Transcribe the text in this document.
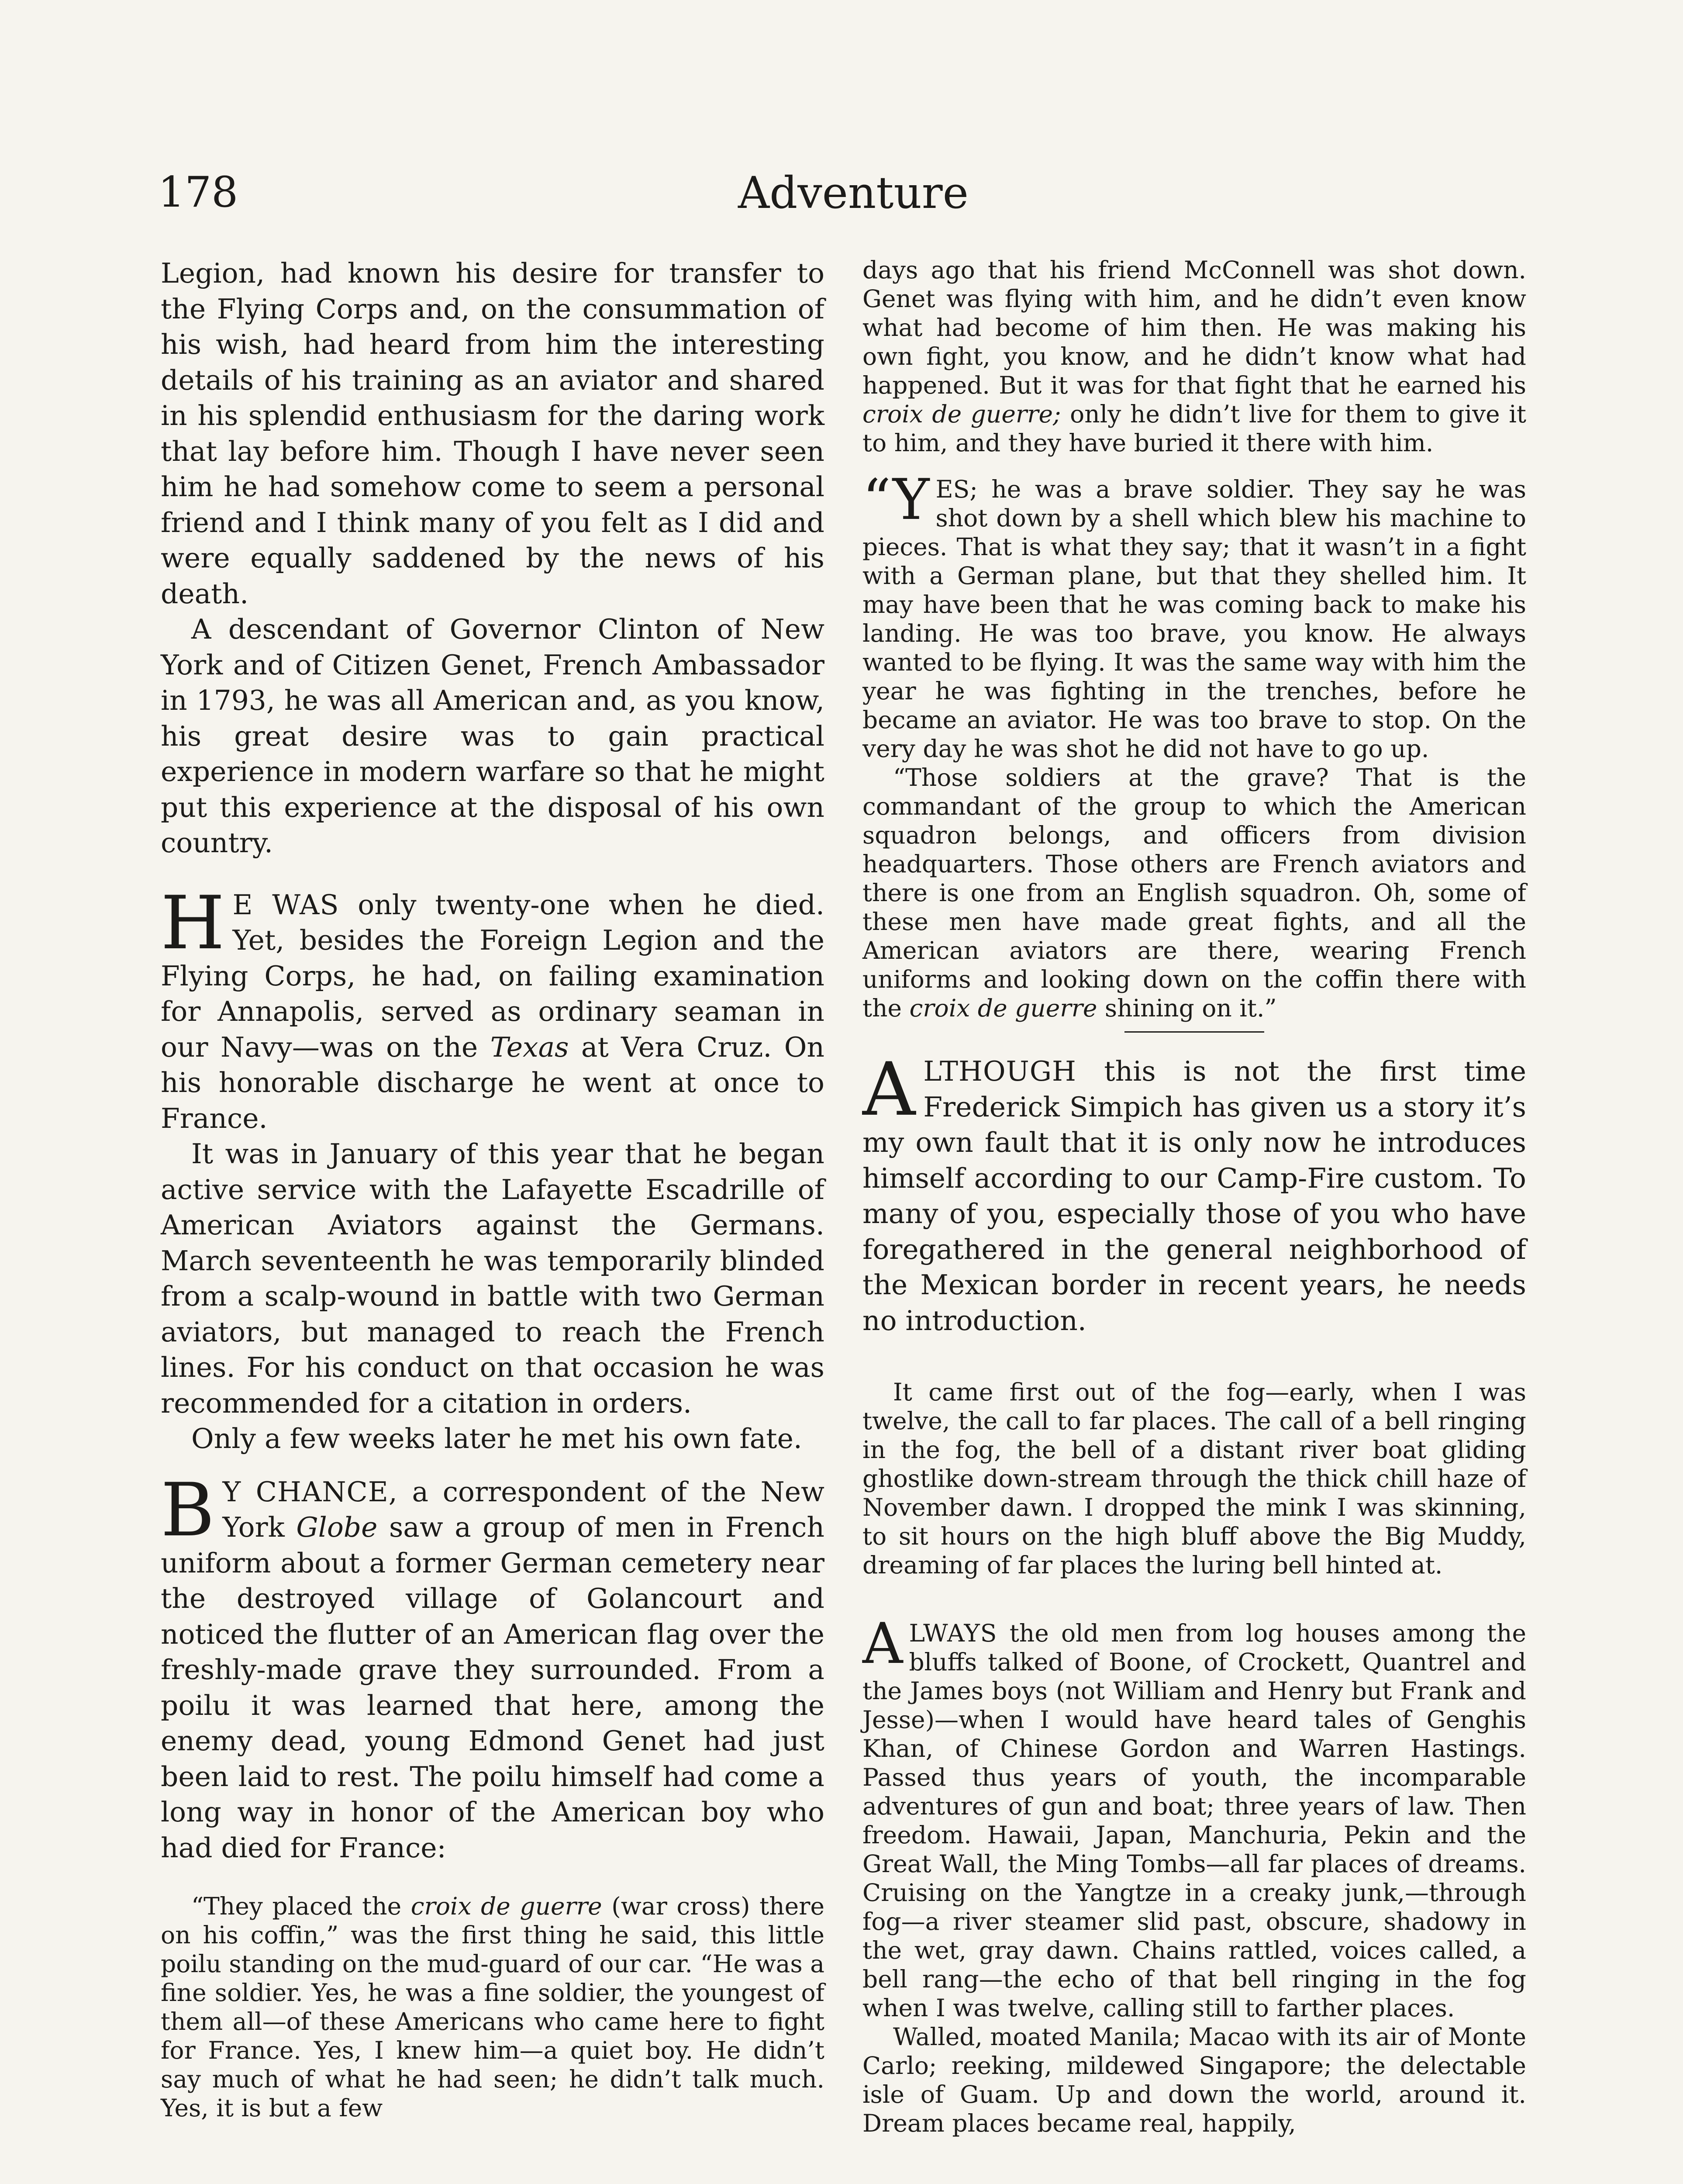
178	Adventure

Legion, had known his desire for transfer to the Flying Corps and, on the consummation of his wish, had heard from him the interesting details of his training as an aviator and shared in his splendid enthusiasm for the daring work that lay before him. Though I have never seen him he had somehow come to seem a personal friend and I think many of you felt as I did and were equally saddened by the news of his death.

A descendant of Governor Clinton of New York and of Citizen Genet, French Ambassador in 1793, he was all American and, as you know, his great desire was to gain practical experience in modern warfare so that he might put this experience at the disposal of his own country.

H E WAS only twenty-one when he died. Yet, besides the Foreign Legion and the Flying Corps, he had, on failing examination for Annapolis, served as ordinary seaman in our Navy—was on the Texas at Vera Cruz. On his honorable discharge he went at once to France.

It was in January of this year that he began active service with the Lafayette Escadrille of American Aviators against the Germans. March seventeenth he was temporarily blinded from a scalp-wound in battle with two German aviators, but managed to reach the French lines. For his conduct on that occasion he was recommended for a citation in orders.

Only a few weeks later he met his own fate.

B Y CHANCE, a correspondent of the New York Globe saw a group of men in French uniform about a former German cemetery near the destroyed village of Golancourt and noticed the flutter of an American flag over the freshly-made grave they surrounded. From a poilu it was learned that here, among the enemy dead, young Edmond Genet had just been laid to rest. The poilu himself had come a long way in honor of the American boy who had died for France:

“They placed the croix de guerre (war cross) there on his coffin,” was the first thing he said, this little poilu standing on the mud-guard of our car. “He was a fine soldier. Yes, he was a fine soldier, the youngest of them all—of these Americans who came here to fight for France. Yes, I knew him—a quiet boy. He didn’t say much of what he had seen; he didn’t talk much. Yes, it is but a few

days ago that his friend McConnell was shot down. Genet was flying with him, and he didn’t even know what had become of him then. He was making his own fight, you know, and he didn’t know what had happened. But it was for that fight that he earned his croix de guerre; only he didn’t live for them to give it to him, and they have buried it there with him.

“YES; he was a brave soldier. They say he was shot down by a shell which blew his machine to pieces. That is what they say; that it wasn’t in a fight with a German plane, but that they shelled him. It may have been that he was coming back to make his landing. He was too brave, you know. He always wanted to be flying. It was the same way with him the year he was fighting in the trenches, before he became an aviator. He was too brave to stop. On the very day he was shot he did not have to go up.

“Those soldiers at the grave? That is the commandant of the group to which the American squadron belongs, and officers from division headquarters. Those others are French aviators and there is one from an English squadron. Oh, some of these men have made great fights, and all the American aviators are there, wearing French uniforms and looking down on the coffin there with the croix de guerre shining on it.”

ALTHOUGH this is not the first time Frederick Simpich has given us a story it’s my own fault that it is only now he introduces himself according to our Camp-Fire custom. To many of you, especially those of you who have foregathered in the general neighborhood of the Mexican border in recent years, he needs no introduction.

It came first out of the fog—early, when I was twelve, the call to far places. The call of a bell ringing in the fog, the bell of a distant river boat gliding ghostlike down-stream through the thick chill haze of November dawn. I dropped the mink I was skinning, to sit hours on the high bluff above the Big Muddy, dreaming of far places the luring bell hinted at.

ALWAYS the old men from log houses among the bluffs talked of Boone, of Crockett, Quantrel and the James boys (not William and Henry but Frank and Jesse)—when I would have heard tales of Genghis Khan, of Chinese Gordon and Warren Hastings. Passed thus years of youth, the incomparable adventures of gun and boat; three years of law. Then freedom. Hawaii, Japan, Manchuria, Pekin and the Great Wall, the Ming Tombs—all far places of dreams. Cruising on the Yangtze in a creaky junk,—through fog—a river steamer slid past, obscure, shadowy in the wet, gray dawn. Chains rattled, voices called, a bell rang—the echo of that bell ringing in the fog when I was twelve, calling still to farther places.

Walled, moated Manila; Macao with its air of Monte Carlo; reeking, mildewed Singapore; the delectable isle of Guam. Up and down the world, around it. Dream places became real, happily,
